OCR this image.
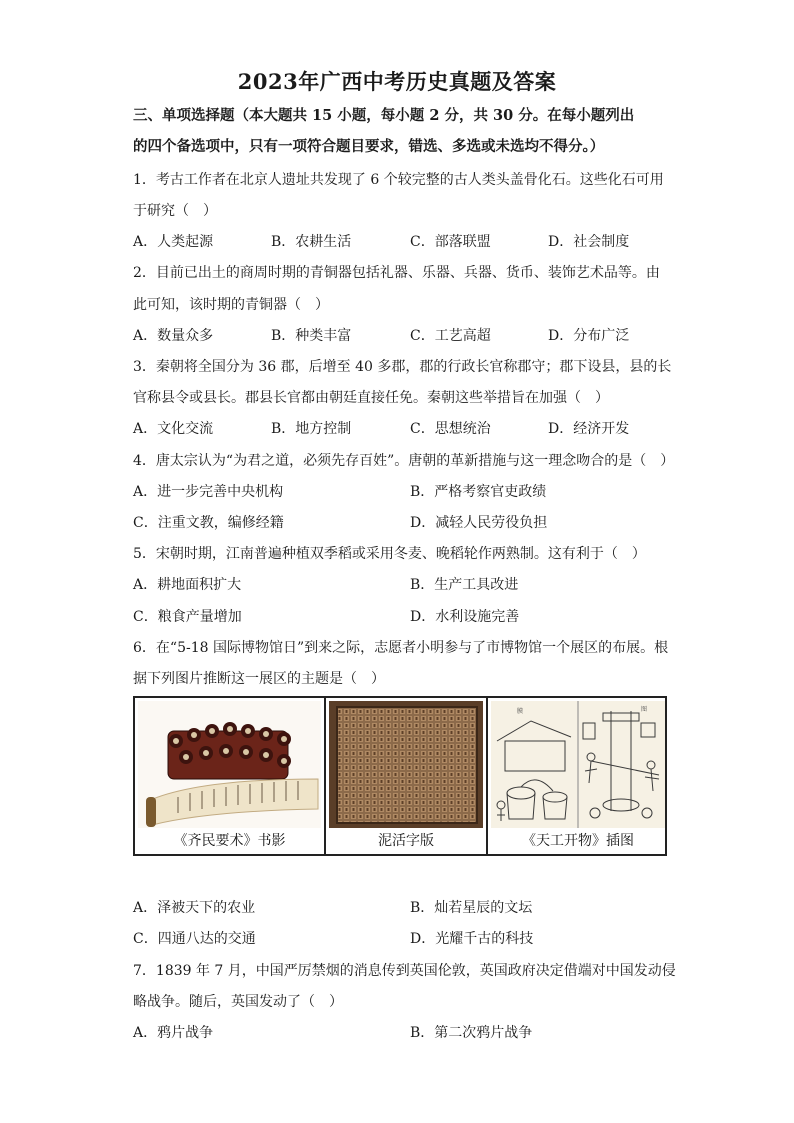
2023年广西中考历史真题及答案
三、单项选择题（本大题共 15 小题，每小题 2 分，共 30 分。在每小题列出
的四个备选项中，只有一项符合题目要求，错选、多选或未选均不得分。）
1．考古工作者在北京人遗址共发现了 6 个较完整的古人类头盖骨化石。这些化石可用
于研究（　）
A．人类起源	B．农耕生活	C．部落联盟	D．社会制度
2．目前已出土的商周时期的青铜器包括礼器、乐器、兵器、货币、装饰艺术品等。由
此可知，该时期的青铜器（　）
A．数量众多	B．种类丰富	C．工艺高超	D．分布广泛
3．秦朝将全国分为 36 郡，后增至 40 多郡，郡的行政长官称郡守；郡下设县，县的长
官称县令或县长。郡县长官都由朝廷直接任免。秦朝这些举措旨在加强（　）
A．文化交流	B．地方控制	C．思想统治	D．经济开发
4．唐太宗认为“为君之道，必须先存百姓”。唐朝的革新措施与这一理念吻合的是（　）
A．进一步完善中央机构	B．严格考察官吏政绩
C．注重文教，编修经籍	D．减轻人民劳役负担
5．宋朝时期，江南普遍种植双季稻或采用冬麦、晚稻轮作两熟制。这有利于（　）
A．耕地面积扩大	B．生产工具改进
C．粮食产量增加	D．水利设施完善
6．在“5-18 国际博物馆日”到来之际，志愿者小明参与了市博物馆一个展区的布展。根
据下列图片推断这一展区的主题是（　）
《齐民要术》书影	泥活字版
膜	图
《天工开物》插图
A．泽被天下的农业	B．灿若星辰的文坛
C．四通八达的交通	D．光耀千古的科技
7．1839 年 7 月，中国严厉禁烟的消息传到英国伦敦，英国政府决定借端对中国发动侵
略战争。随后，英国发动了（　）
A．鸦片战争	B．第二次鸦片战争
